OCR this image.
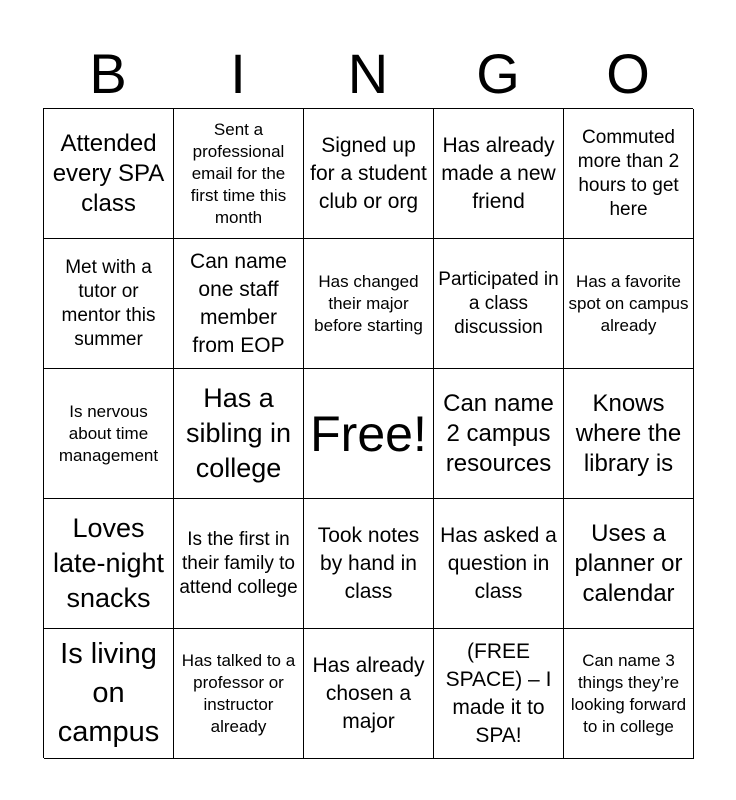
B	I	N	G	O
Attended every SPA class
Sent a professional email for the first time this month
Signed up for a student club or org
Has already made a new friend
Commuted more than 2 hours to get here
Met with a tutor or mentor this summer
Can name one staff member from EOP
Has changed their major before starting
Participated in a class discussion
Has a favorite spot on campus already
Is nervous about time management
Has a sibling in college
Free!
Can name 2 campus resources
Knows where the library is
Loves late-night snacks
Is the first in their family to attend college
Took notes by hand in class
Has asked a question in class
Uses a planner or calendar
Is living on campus
Has talked to a professor or instructor already
Has already chosen a major
(FREE SPACE) – I made it to SPA!
Can name 3 things they’re looking forward to in college
